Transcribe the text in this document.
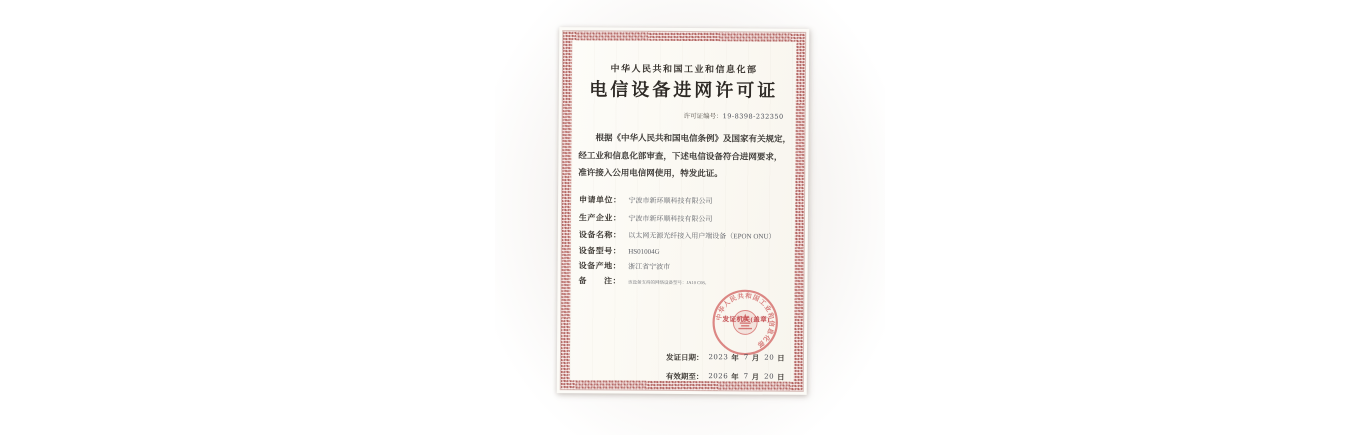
中华人民共和国工业和信息化部
电信设备进网许可证
许可证编号：19-8398-232350
根据《中华人民共和国电信条例》及国家有关规定，
经工业和信息化部审查，下述电信设备符合进网要求，
准许接入公用电信网使用，特发此证。
申请单位： 宁波市新环顺科技有限公司
生产企业： 宁波市新环顺科技有限公司
设备名称： 以太网无源光纤接入用户端设备（EPON ONU）
设备型号： HS01004G
设备产地： 浙江省宁波市
备　　注： 该设备支持的网络设备型号：JA10 C08。
中华人民共和国工业和信息化部
发证机关(盖章)
发证日期： 2023 年 7 月 20 日
有效期至： 2026 年 7 月 20 日
